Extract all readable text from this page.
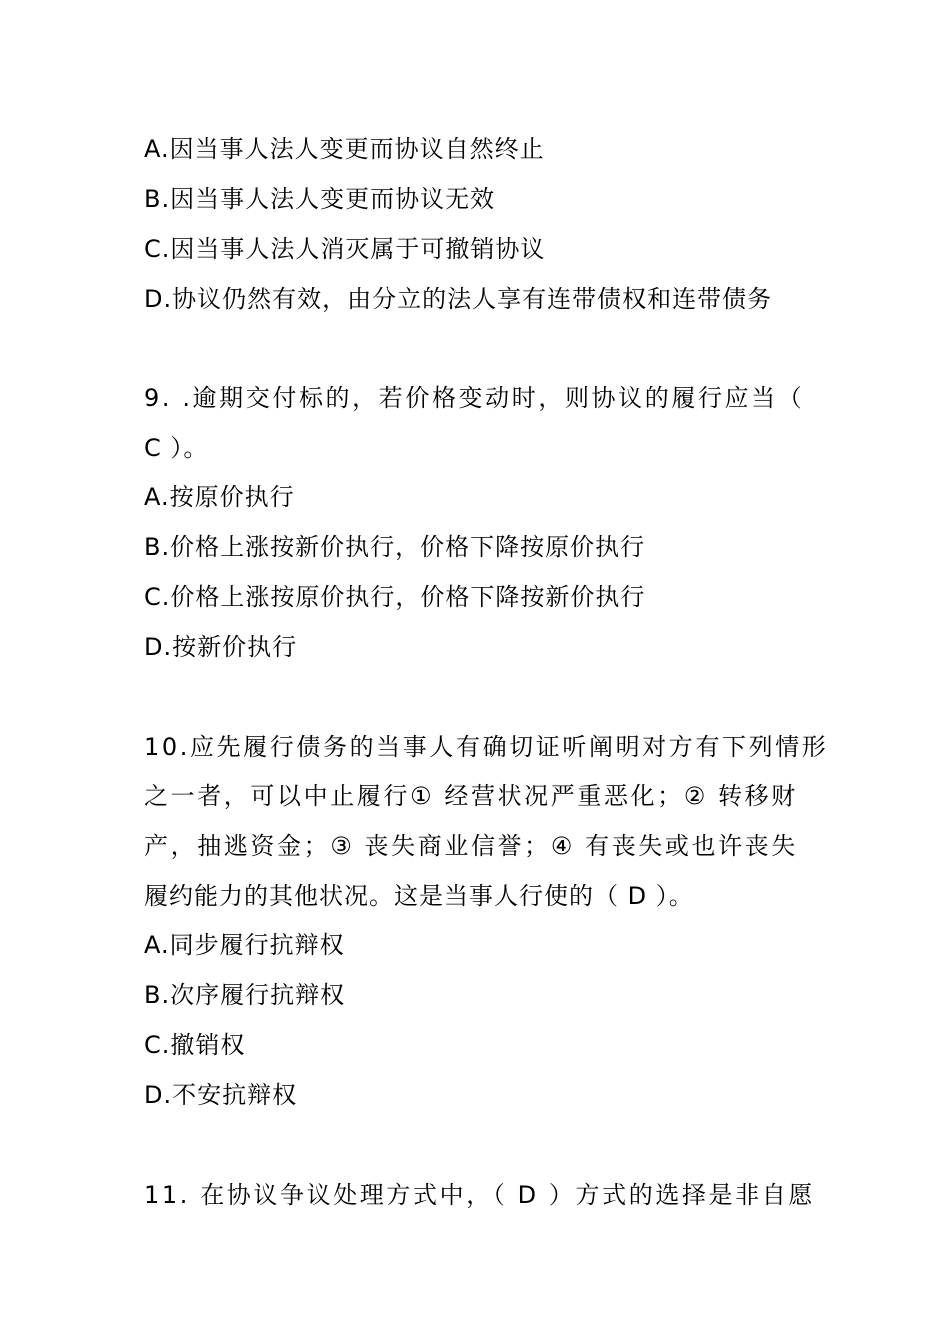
A.因当事人法人变更而协议自然终止
B.因当事人法人变更而协议无效
C.因当事人法人消灭属于可撤销协议
D.协议仍然有效，由分立的法人享有连带债权和连带债务
9. .逾期交付标的，若价格变动时，则协议的履行应当（
C ）。
A.按原价执行
B.价格上涨按新价执行，价格下降按原价执行
C.价格上涨按原价执行，价格下降按新价执行
D.按新价执行
10.应先履行债务的当事人有确切证听阐明对方有下列情形
之一者，可以中止履行① 经营状况严重恶化；② 转移财
产，抽逃资金；③ 丧失商业信誉；④ 有丧失或也许丧失
履约能力的其他状况。这是当事人行使的（ D ）。
A.同步履行抗辩权
B.次序履行抗辩权
C.撤销权
D.不安抗辩权
11. 在协议争议处理方式中，（ D ）方式的选择是非自愿
